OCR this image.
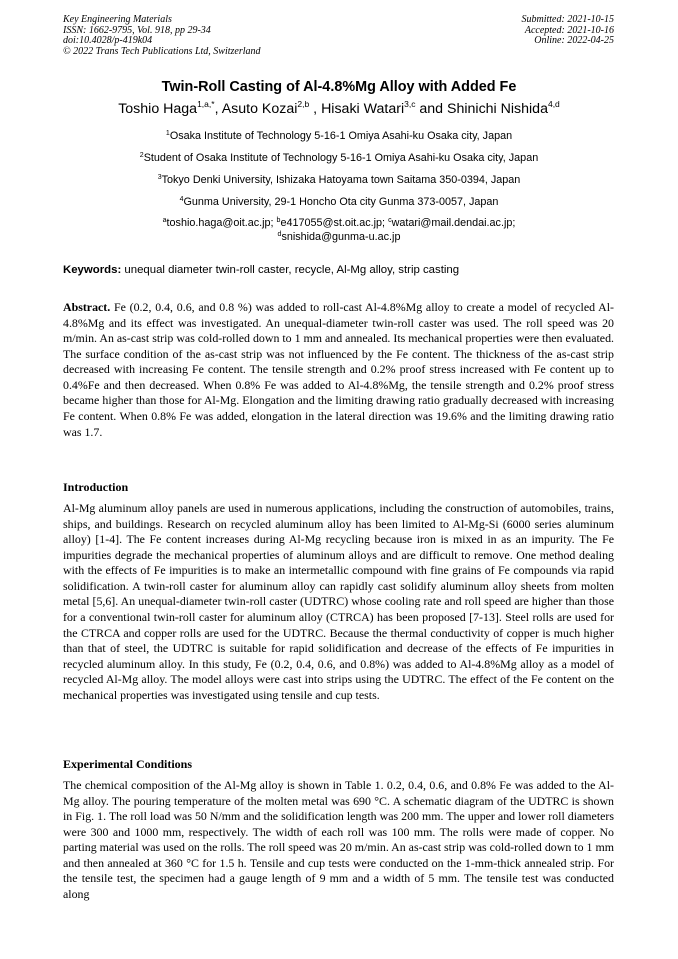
Key Engineering Materials
ISSN: 1662-9795, Vol. 918, pp 29-34
doi:10.4028/p-419k04
© 2022 Trans Tech Publications Ltd, Switzerland
Submitted: 2021-10-15
Accepted: 2021-10-16
Online: 2022-04-25
Twin-Roll Casting of Al-4.8%Mg Alloy with Added Fe
Toshio Haga$^{1,a,*}$, Asuto Kozai$^{2,b}$ , Hisaki Watari$^{3,c}$ and Shinichi Nishida$^{4,d}$
$^1$Osaka Institute of Technology 5-16-1 Omiya Asahi-ku Osaka city, Japan
$^2$Student of Osaka Institute of Technology 5-16-1 Omiya Asahi-ku Osaka city, Japan
$^3$Tokyo Denki University, Ishizaka Hatoyama town Saitama 350-0394, Japan
$^4$Gunma University, 29-1 Honcho Ota city Gunma 373-0057, Japan
$^a$toshio.haga@oit.ac.jp; $^b$e417055@st.oit.ac.jp; $^c$watari@mail.dendai.ac.jp;
$^d$snishida@gunma-u.ac.jp
Keywords: unequal diameter twin-roll caster, recycle, Al-Mg alloy, strip casting
Abstract. Fe (0.2, 0.4, 0.6, and 0.8 %) was added to roll-cast Al-4.8%Mg alloy to create a model of recycled Al-4.8%Mg and its effect was investigated. An unequal-diameter twin-roll caster was used. The roll speed was 20 m/min. An as-cast strip was cold-rolled down to 1 mm and annealed. Its mechanical properties were then evaluated. The surface condition of the as-cast strip was not influenced by the Fe content. The thickness of the as-cast strip decreased with increasing Fe content. The tensile strength and 0.2% proof stress increased with Fe content up to 0.4%Fe and then decreased. When 0.8% Fe was added to Al-4.8%Mg, the tensile strength and 0.2% proof stress became higher than those for Al-Mg. Elongation and the limiting drawing ratio gradually decreased with increasing Fe content. When 0.8% Fe was added, elongation in the lateral direction was 19.6% and the limiting drawing ratio was 1.7.
Introduction
Al-Mg aluminum alloy panels are used in numerous applications, including the construction of automobiles, trains, ships, and buildings. Research on recycled aluminum alloy has been limited to Al-Mg-Si (6000 series aluminum alloy) [1-4]. The Fe content increases during Al-Mg recycling because iron is mixed in as an impurity. The Fe impurities degrade the mechanical properties of aluminum alloys and are difficult to remove. One method dealing with the effects of Fe impurities is to make an intermetallic compound with fine grains of Fe compounds via rapid solidification. A twin-roll caster for aluminum alloy can rapidly cast solidify aluminum alloy sheets from molten metal [5,6]. An unequal-diameter twin-roll caster (UDTRC) whose cooling rate and roll speed are higher than those for a conventional twin-roll caster for aluminum alloy (CTRCA) has been proposed [7-13]. Steel rolls are used for the CTRCA and copper rolls are used for the UDTRC. Because the thermal conductivity of copper is much higher than that of steel, the UDTRC is suitable for rapid solidification and decrease of the effects of Fe impurities in recycled aluminum alloy. In this study, Fe (0.2, 0.4, 0.6, and 0.8%) was added to Al-4.8%Mg alloy as a model of recycled Al-Mg alloy. The model alloys were cast into strips using the UDTRC. The effect of the Fe content on the mechanical properties was investigated using tensile and cup tests.
Experimental Conditions
The chemical composition of the Al-Mg alloy is shown in Table 1. 0.2, 0.4, 0.6, and 0.8% Fe was added to the Al-Mg alloy. The pouring temperature of the molten metal was 690 °C. A schematic diagram of the UDTRC is shown in Fig. 1. The roll load was 50 N/mm and the solidification length was 200 mm. The upper and lower roll diameters were 300 and 1000 mm, respectively. The width of each roll was 100 mm. The rolls were made of copper. No parting material was used on the rolls. The roll speed was 20 m/min. An as-cast strip was cold-rolled down to 1 mm and then annealed at 360 °C for 1.5 h. Tensile and cup tests were conducted on the 1-mm-thick annealed strip. For the tensile test, the specimen had a gauge length of 9 mm and a width of 5 mm. The tensile test was conducted along
